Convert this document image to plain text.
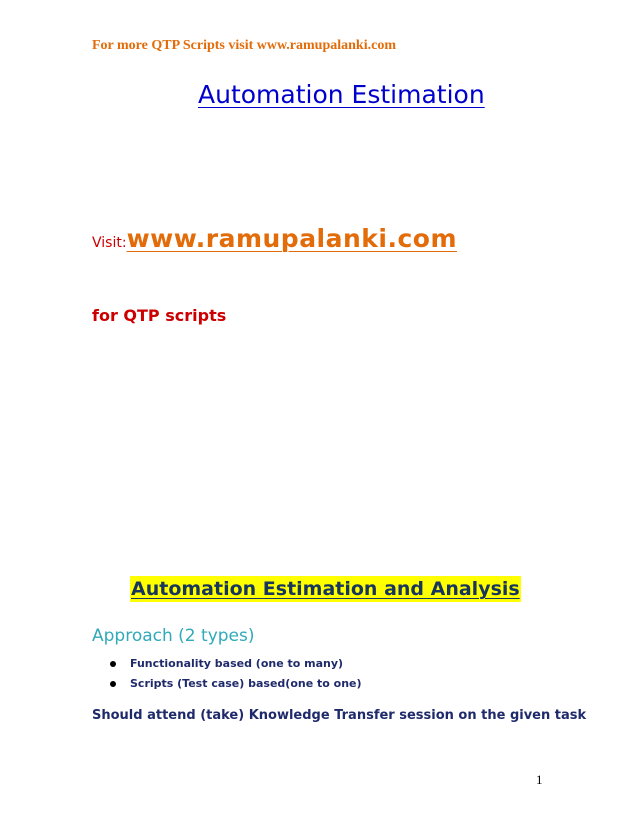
For more QTP Scripts visit www.ramupalanki.com
Automation Estimation
Visit:www.ramupalanki.com
for QTP scripts
Automation Estimation and Analysis
Approach (2 types)
Functionality based (one to many)
Scripts (Test case) based(one to one)
Should attend (take) Knowledge Transfer session on the given task
1
